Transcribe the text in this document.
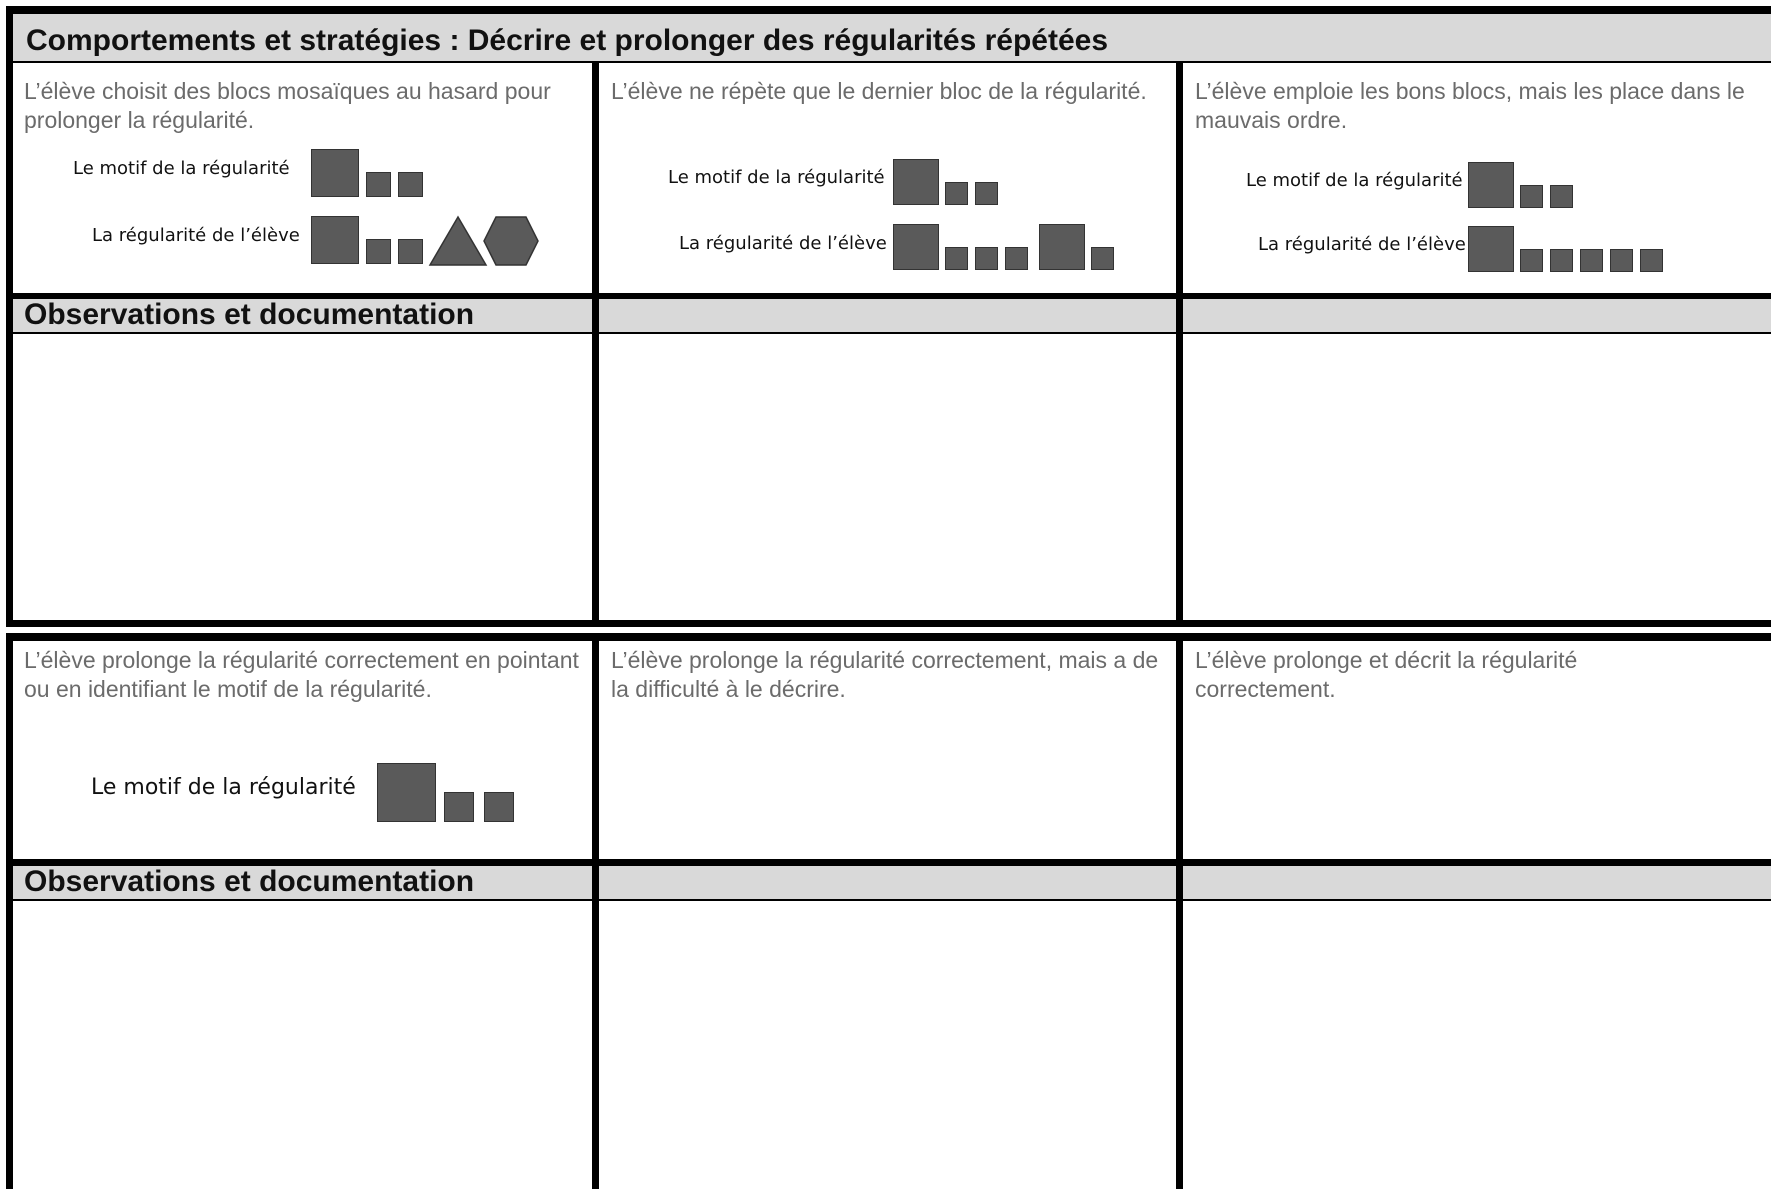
Comportements et stratégies : Décrire et prolonger des régularités répétées
L’élève choisit des blocs mosaïques au hasard pour prolonger la régularité.
Le motif de la régularité
La régularité de l’élève
L’élève ne répète que le dernier bloc de la régularité.
Le motif de la régularité
La régularité de l’élève
L’élève emploie les bons blocs, mais les place dans le mauvais ordre.
Le motif de la régularité
La régularité de l’élève
Observations et documentation
L’élève prolonge la régularité correctement en pointant ou en identifiant le motif de la régularité.
Le motif de la régularité
L’élève prolonge la régularité correctement, mais a de la difficulté à le décrire.
L’élève prolonge et décrit la régularité correctement.
Observations et documentation
